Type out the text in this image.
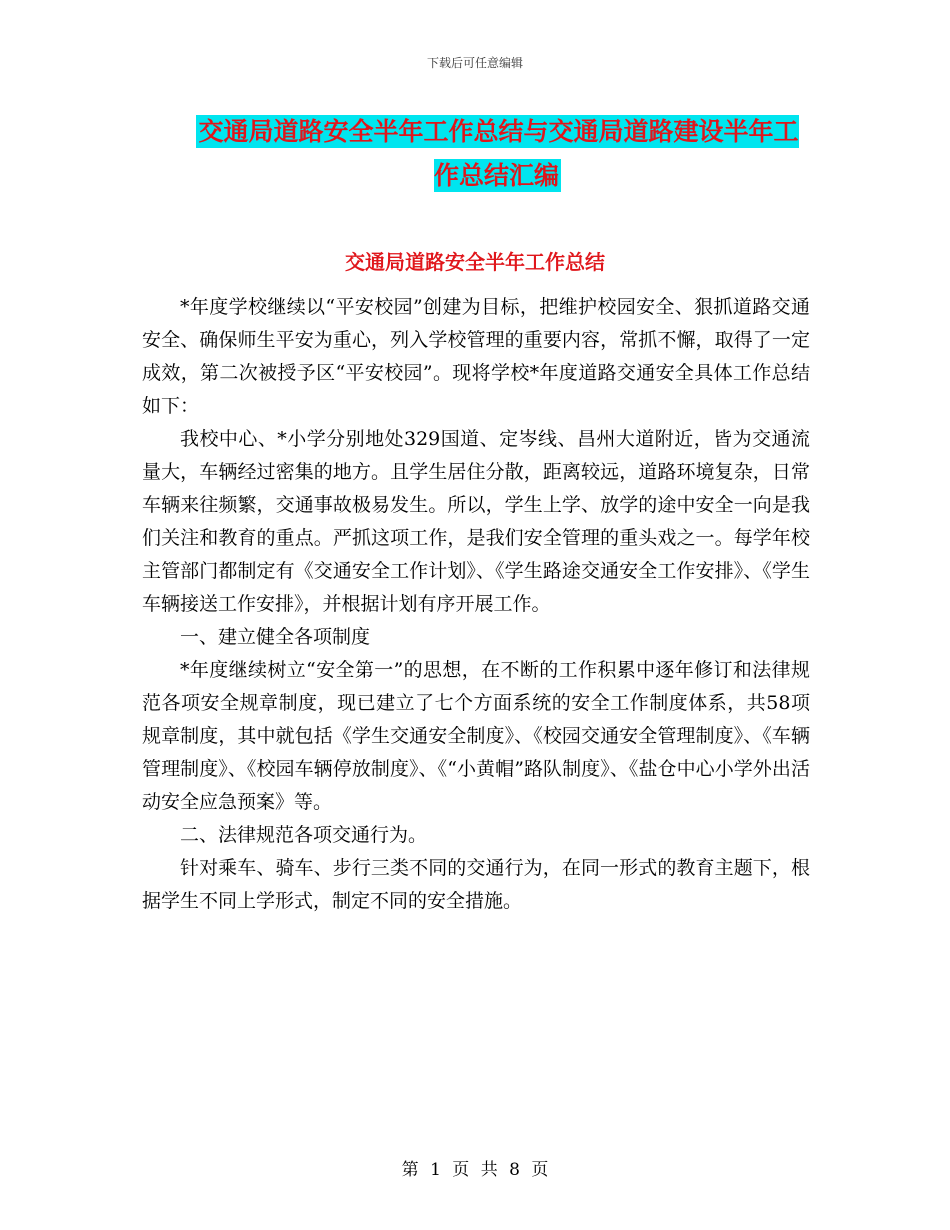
下载后可任意编辑
交通局道路安全半年工作总结与交通局道路建设半年工作总结汇编
交通局道路安全半年工作总结

*年度学校继续以“平安校园”创建为目标，把维护校园安全、狠抓道路交通安全、确保师生平安为重心，列入学校管理的重要内容，常抓不懈，取得了一定成效，第二次被授予区“平安校园”。现将学校*年度道路交通安全具体工作总结如下：

我校中心、*小学分别地处329国道、定岑线、昌州大道附近，皆为交通流量大，车辆经过密集的地方。且学生居住分散，距离较远，道路环境复杂，日常车辆来往频繁，交通事故极易发生。所以，学生上学、放学的途中安全一向是我们关注和教育的重点。严抓这项工作，是我们安全管理的重头戏之一。每学年校主管部门都制定有《交通安全工作计划》、《学生路途交通安全工作安排》、《学生车辆接送工作安排》，并根据计划有序开展工作。

一、建立健全各项制度

*年度继续树立“安全第一”的思想，在不断的工作积累中逐年修订和法律规范各项安全规章制度，现已建立了七个方面系统的安全工作制度体系，共58项规章制度，其中就包括《学生交通安全制度》、《校园交通安全管理制度》、《车辆管理制度》、《校园车辆停放制度》、《“小黄帽”路队制度》、《盐仓中心小学外出活动安全应急预案》等。

二、法律规范各项交通行为。

针对乘车、骑车、步行三类不同的交通行为，在同一形式的教育主题下，根据学生不同上学形式，制定不同的安全措施。

第 1 页 共 8 页
